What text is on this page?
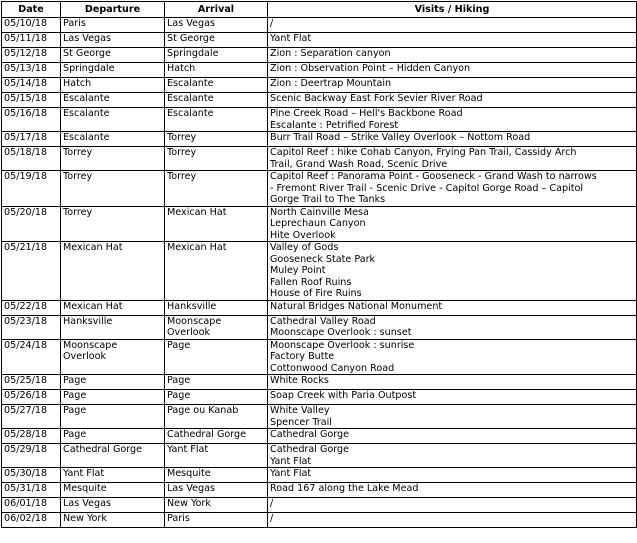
Date	Departure	Arrival	Visits / Hiking
05/10/18	Paris	Las Vegas	/

05/11/18	Las Vegas	St George	Yant Flat

05/12/18	St George	Springdale	Zion : Separation canyon

05/13/18	Springdale	Hatch	Zion : Observation Point – Hidden Canyon

05/14/18	Hatch	Escalante	Zion : Deertrap Mountain

05/15/18	Escalante	Escalante	Scenic Backway East Fork Sevier River Road

05/16/18	Escalante	Escalante	Pine Creek Road – Hell's Backbone Road
Escalante : Petrified Forest

05/17/18	Escalante	Torrey	Burr Trail Road – Strike Valley Overlook – Nottom Road

05/18/18	Torrey	Torrey	Capitol Reef : hike Cohab Canyon, Frying Pan Trail, Cassidy Arch
Trail, Grand Wash Road, Scenic Drive

05/19/18	Torrey	Torrey	Capitol Reef : Panorama Point - Gooseneck - Grand Wash to narrows
- Fremont River Trail - Scenic Drive - Capitol Gorge Road – Capitol
Gorge Trail to The Tanks

05/20/18	Torrey	Mexican Hat	North Cainville Mesa
Leprechaun Canyon
Hite Overlook

05/21/18	Mexican Hat	Mexican Hat	Valley of Gods
Gooseneck State Park
Muley Point
Fallen Roof Ruins
House of Fire Ruins

05/22/18	Mexican Hat	Hanksville	Natural Bridges National Monument

05/23/18	Hanksville	Moonscape
Overlook	Cathedral Valley Road
Moonscape Overlook : sunset

05/24/18	Moonscape
Overlook	Page	Moonscape Overlook : sunrise
Factory Butte
Cottonwood Canyon Road

05/25/18	Page	Page	White Rocks

05/26/18	Page	Page	Soap Creek with Paria Outpost

05/27/18	Page	Page ou Kanab	White Valley
Spencer Trail

05/28/18	Page	Cathedral Gorge	Cathedral Gorge

05/29/18	Cathedral Gorge	Yant Flat	Cathedral Gorge
Yant Flat

05/30/18	Yant Flat	Mesquite	Yant Flat

05/31/18	Mesquite	Las Vegas	Road 167 along the Lake Mead

06/01/18	Las Vegas	New York	/

06/02/18	New York	Paris	/
